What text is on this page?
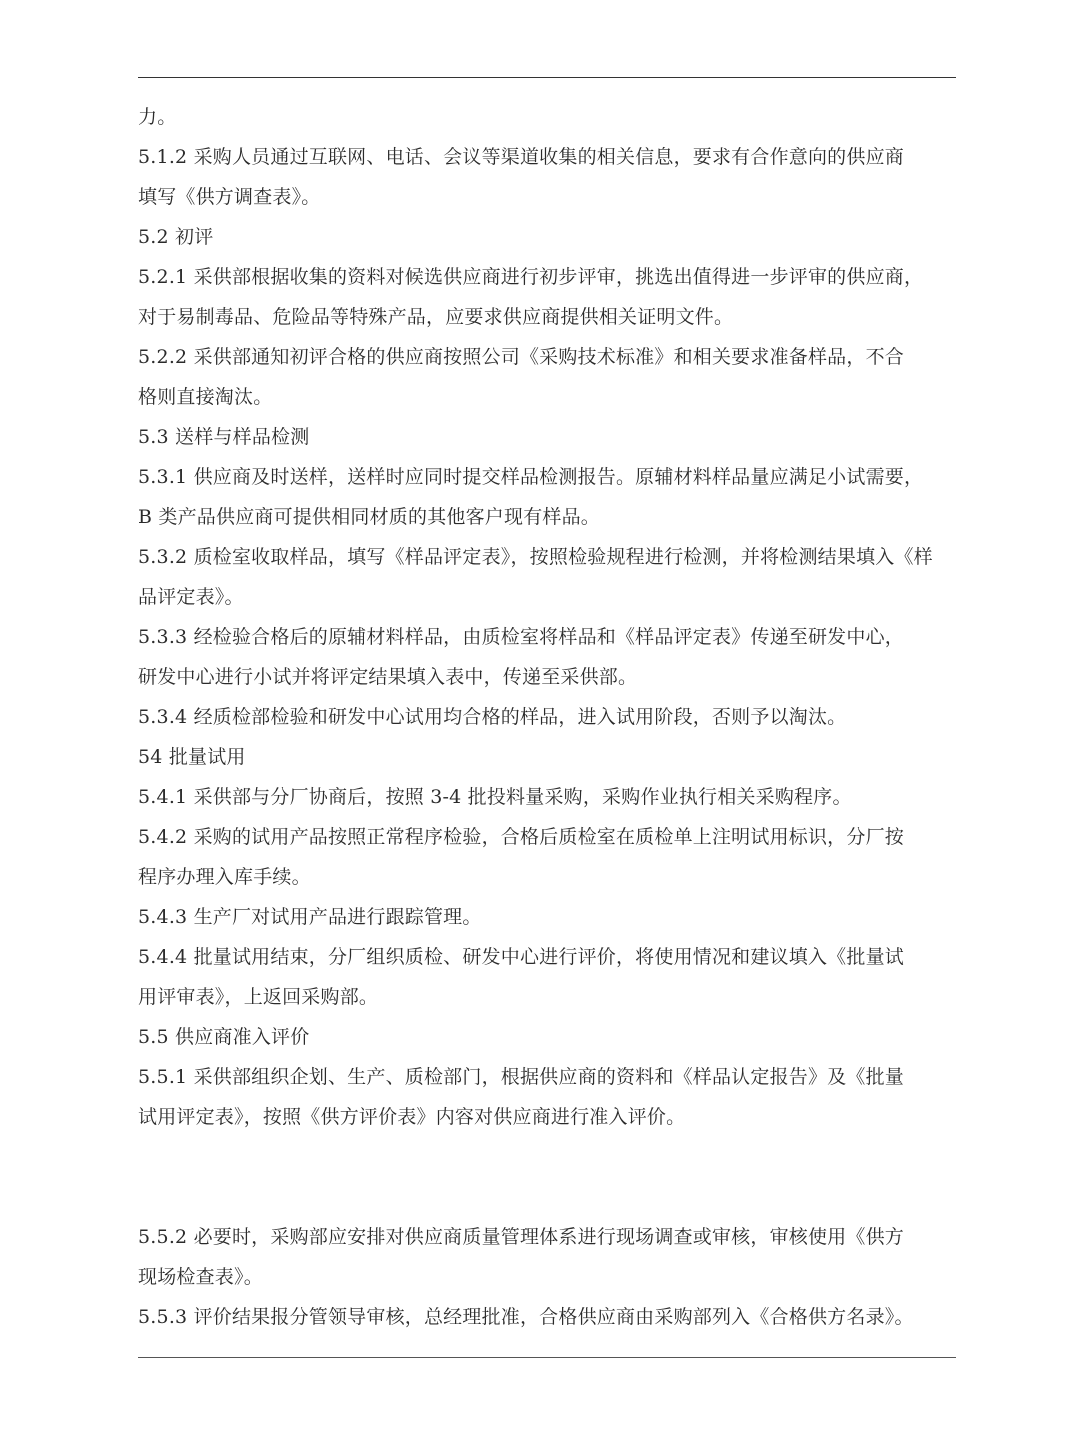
力。
5.1.2 采购人员通过互联网、电话、会议等渠道收集的相关信息，要求有合作意向的供应商
填写《供方调查表》。
5.2 初评
5.2.1 采供部根据收集的资料对候选供应商进行初步评审，挑选出值得进一步评审的供应商，
对于易制毒品、危险品等特殊产品，应要求供应商提供相关证明文件。
5.2.2 采供部通知初评合格的供应商按照公司《采购技术标准》和相关要求准备样品，不合
格则直接淘汰。
5.3 送样与样品检测
5.3.1 供应商及时送样，送样时应同时提交样品检测报告。原辅材料样品量应满足小试需要，
B 类产品供应商可提供相同材质的其他客户现有样品。
5.3.2 质检室收取样品，填写《样品评定表》，按照检验规程进行检测，并将检测结果填入《样
品评定表》。
5.3.3 经检验合格后的原辅材料样品，由质检室将样品和《样品评定表》传递至研发中心，
研发中心进行小试并将评定结果填入表中，传递至采供部。
5.3.4 经质检部检验和研发中心试用均合格的样品，进入试用阶段，否则予以淘汰。
54 批量试用
5.4.1 采供部与分厂协商后，按照 3-4 批投料量采购，采购作业执行相关采购程序。
5.4.2 采购的试用产品按照正常程序检验，合格后质检室在质检单上注明试用标识，分厂按
程序办理入库手续。
5.4.3 生产厂对试用产品进行跟踪管理。
5.4.4 批量试用结束，分厂组织质检、研发中心进行评价，将使用情况和建议填入《批量试
用评审表》，上返回采购部。
5.5 供应商准入评价
5.5.1 采供部组织企划、生产、质检部门，根据供应商的资料和《样品认定报告》及《批量
试用评定表》，按照《供方评价表》内容对供应商进行准入评价。
5.5.2 必要时，采购部应安排对供应商质量管理体系进行现场调查或审核，审核使用《供方
现场检查表》。
5.5.3 评价结果报分管领导审核，总经理批准，合格供应商由采购部列入《合格供方名录》。
